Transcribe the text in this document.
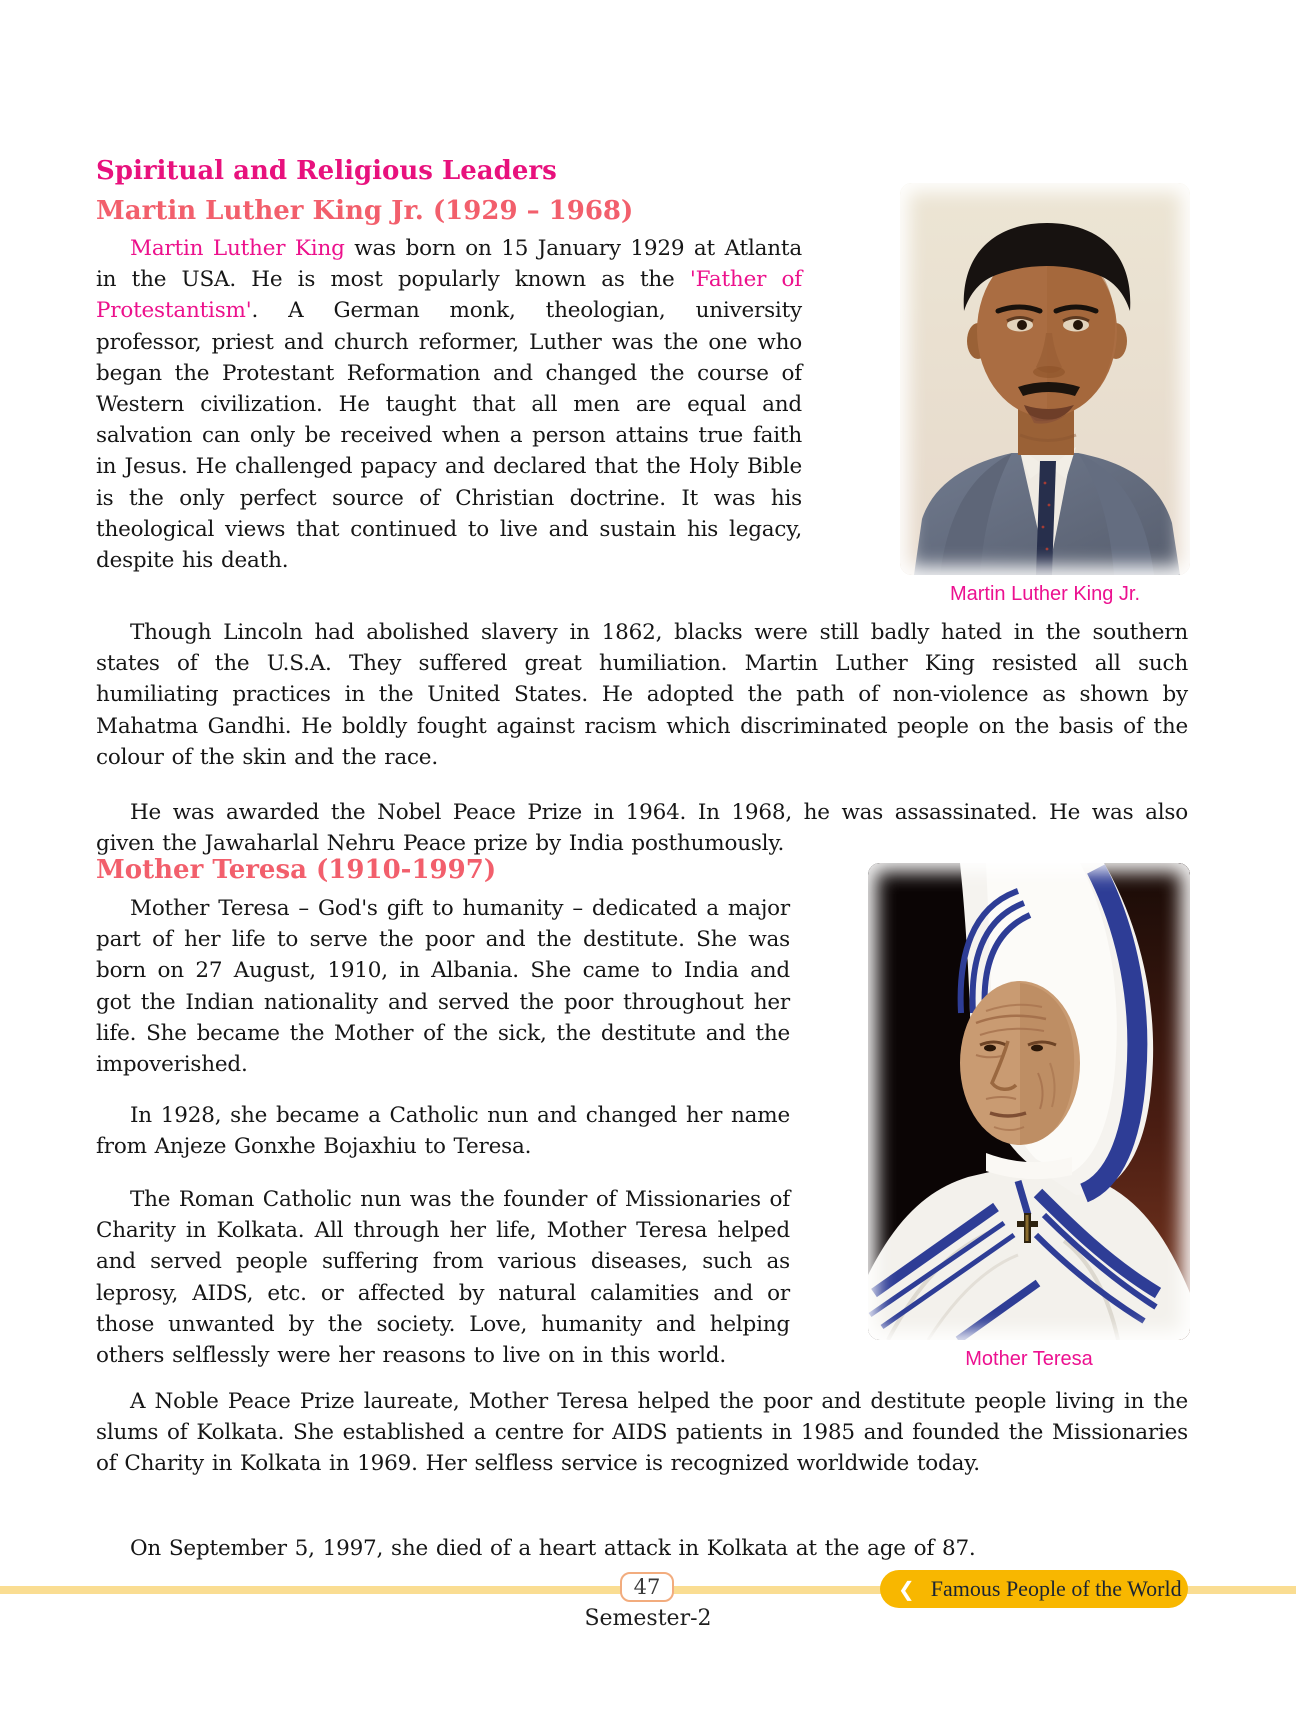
Spiritual and Religious Leaders
Martin Luther King Jr. (1929 – 1968)
Martin Luther King Jr.

Martin Luther King was born on 15 January 1929 at Atlanta in the USA. He is most popularly known as the 'Father of Protestantism'. A German monk, theologian, university professor, priest and church reformer, Luther was the one who began the Protestant Reformation and changed the course of Western civilization. He taught that all men are equal and salvation can only be received when a person attains true faith in Jesus. He challenged papacy and declared that the Holy Bible is the only perfect source of Christian doctrine. It was his theological views that continued to live and sustain his legacy, despite his death.

Though Lincoln had abolished slavery in 1862, blacks were still badly hated in the southern states of the U.S.A. They suffered great humiliation. Martin Luther King resisted all such humiliating practices in the United States. He adopted the path of non-violence as shown by Mahatma Gandhi. He boldly fought against racism which discriminated people on the basis of the colour of the skin and the race.

He was awarded the Nobel Peace Prize in 1964. In 1968, he was assassinated. He was also given the Jawaharlal Nehru Peace prize by India posthumously.

Mother Teresa (1910-1997)
Mother Teresa

Mother Teresa – God's gift to humanity – dedicated a major part of her life to serve the poor and the destitute. She was born on 27 August, 1910, in Albania. She came to India and got the Indian nationality and served the poor throughout her life. She became the Mother of the sick, the destitute and the impoverished.

In 1928, she became a Catholic nun and changed her name from Anjeze Gonxhe Bojaxhiu to Teresa.

The Roman Catholic nun was the founder of Missionaries of Charity in Kolkata. All through her life, Mother Teresa helped and served people suffering from various diseases, such as leprosy, AIDS, etc. or affected by natural calamities and or those unwanted by the society. Love, humanity and helping others selflessly were her reasons to live on in this world.

A Noble Peace Prize laureate, Mother Teresa helped the poor and destitute people living in the slums of Kolkata. She established a centre for AIDS patients in 1985 and founded the Missionaries of Charity in Kolkata in 1969. Her selfless service is recognized worldwide today.

On September 5, 1997, she died of a heart attack in Kolkata at the age of 87.

47
Semester-2
❮ Famous People of the World
